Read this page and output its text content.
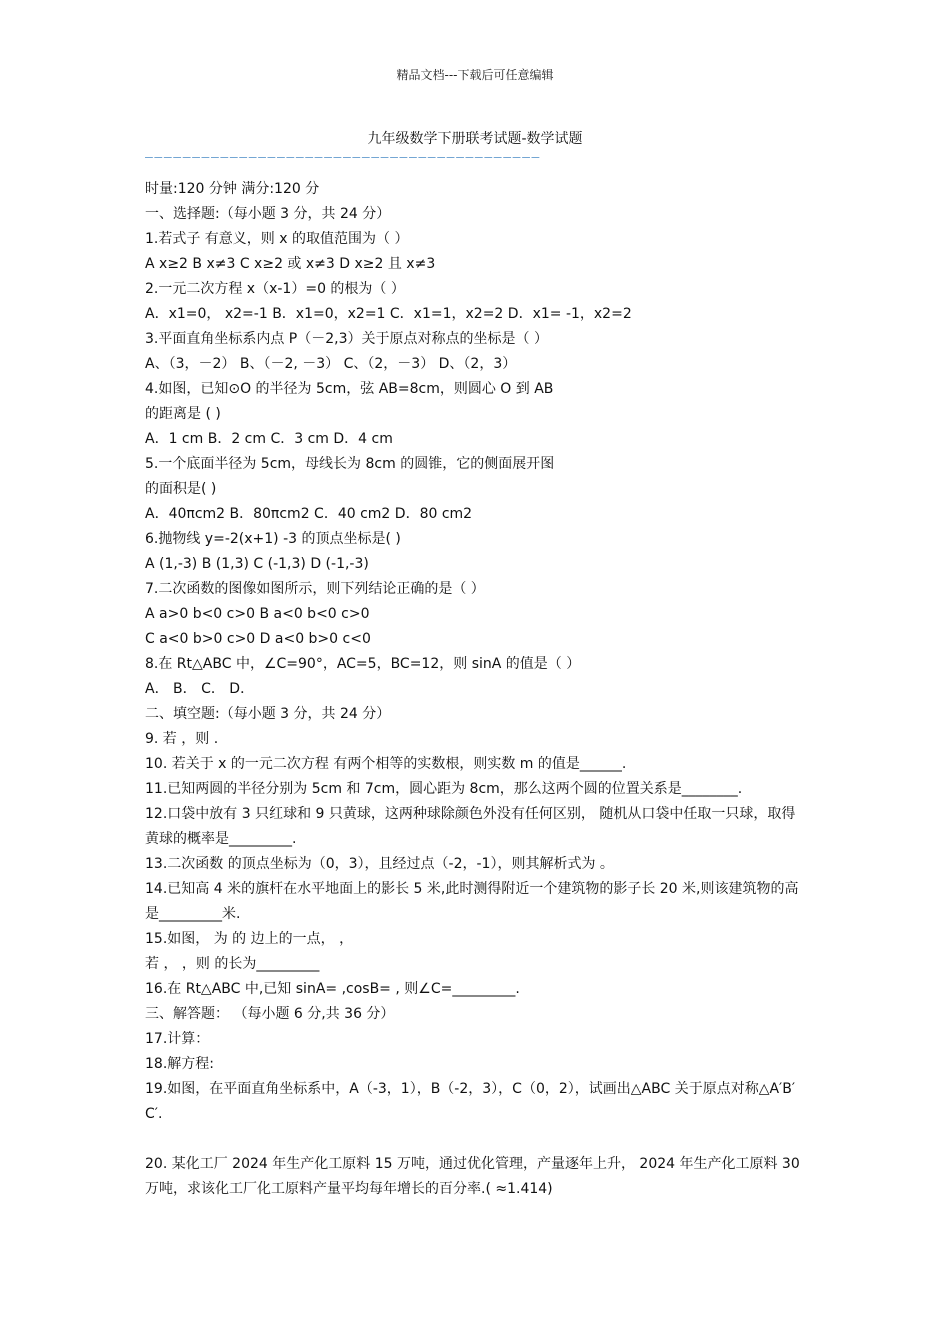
精品文档---下载后可任意编辑
九年级数学下册联考试题-数学试题
——————————————————————————————————————————
时量:120 分钟 满分:120 分
一、选择题:（每小题 3 分，共 24 分）
1.若式子 有意义，则 x 的取值范围为（ ）
A x≥2 B x≠3 C x≥2 或 x≠3 D x≥2 且 x≠3
2.一元二次方程 x（x-1）=0 的根为（ ）
A．x1=0， x2=-1 B．x1=0，x2=1 C．x1=1，x2=2 D．x1= -1，x2=2
3.平面直角坐标系内点 P（－2,3）关于原点对称点的坐标是（ ）
A、（3，－2） B、（－2, －3） C、（2，－3） D、（2，3）
4.如图，已知⊙O 的半径为 5cm，弦 AB=8cm，则圆心 O 到 AB
的距离是 ( )
A．1 cm B．2 cm C．3 cm D．4 cm
5.一个底面半径为 5cm，母线长为 8cm 的圆锥，它的侧面展开图
的面积是( )
A．40πcm2 B．80πcm2 C．40 cm2 D．80 cm2
6.抛物线 y=-2(x+1) -3 的顶点坐标是( )
A (1,-3) B (1,3) C (-1,3) D (-1,-3)
7.二次函数的图像如图所示，则下列结论正确的是（ ）
A a>0 b<0 c>0 B a<0 b<0 c>0
C a<0 b>0 c>0 D a<0 b>0 c<0
8.在 Rt△ABC 中，∠C=90°，AC=5，BC=12，则 sinA 的值是（ ）
A． B． C． D．
二、填空题:（每小题 3 分，共 24 分）
9. 若 ，则 .
10. 若关于 x 的一元二次方程 有两个相等的实数根，则实数 m 的值是______.
11.已知两圆的半径分别为 5cm 和 7cm，圆心距为 8cm，那么这两个圆的位置关系是________.
12.口袋中放有 3 只红球和 9 只黄球，这两种球除颜色外没有任何区别， 随机从口袋中任取一只球，取得黄球的概率是_________.
13.二次函数 的顶点坐标为（0，3），且经过点（-2，-1），则其解析式为 。
14.已知高 4 米的旗杆在水平地面上的影长 5 米,此时测得附近一个建筑物的影子长 20 米,则该建筑物的高是_________米.
15.如图， 为 的 边上的一点， ，
若 ， ，则 的长为_________
16.在 Rt△ABC 中,已知 sinA= ,cosB= , 则∠C=_________.
三、解答题： （每小题 6 分,共 36 分）
17.计算：
18.解方程:
19.如图，在平面直角坐标系中，A（-3，1），B（-2，3），C（0，2），试画出△ABC 关于原点对称△A′B′C′.
20. 某化工厂 2024 年生产化工原料 15 万吨，通过优化管理，产量逐年上升， 2024 年生产化工原料 30 万吨，求该化工厂化工原料产量平均每年增长的百分率.( ≈1.414)
